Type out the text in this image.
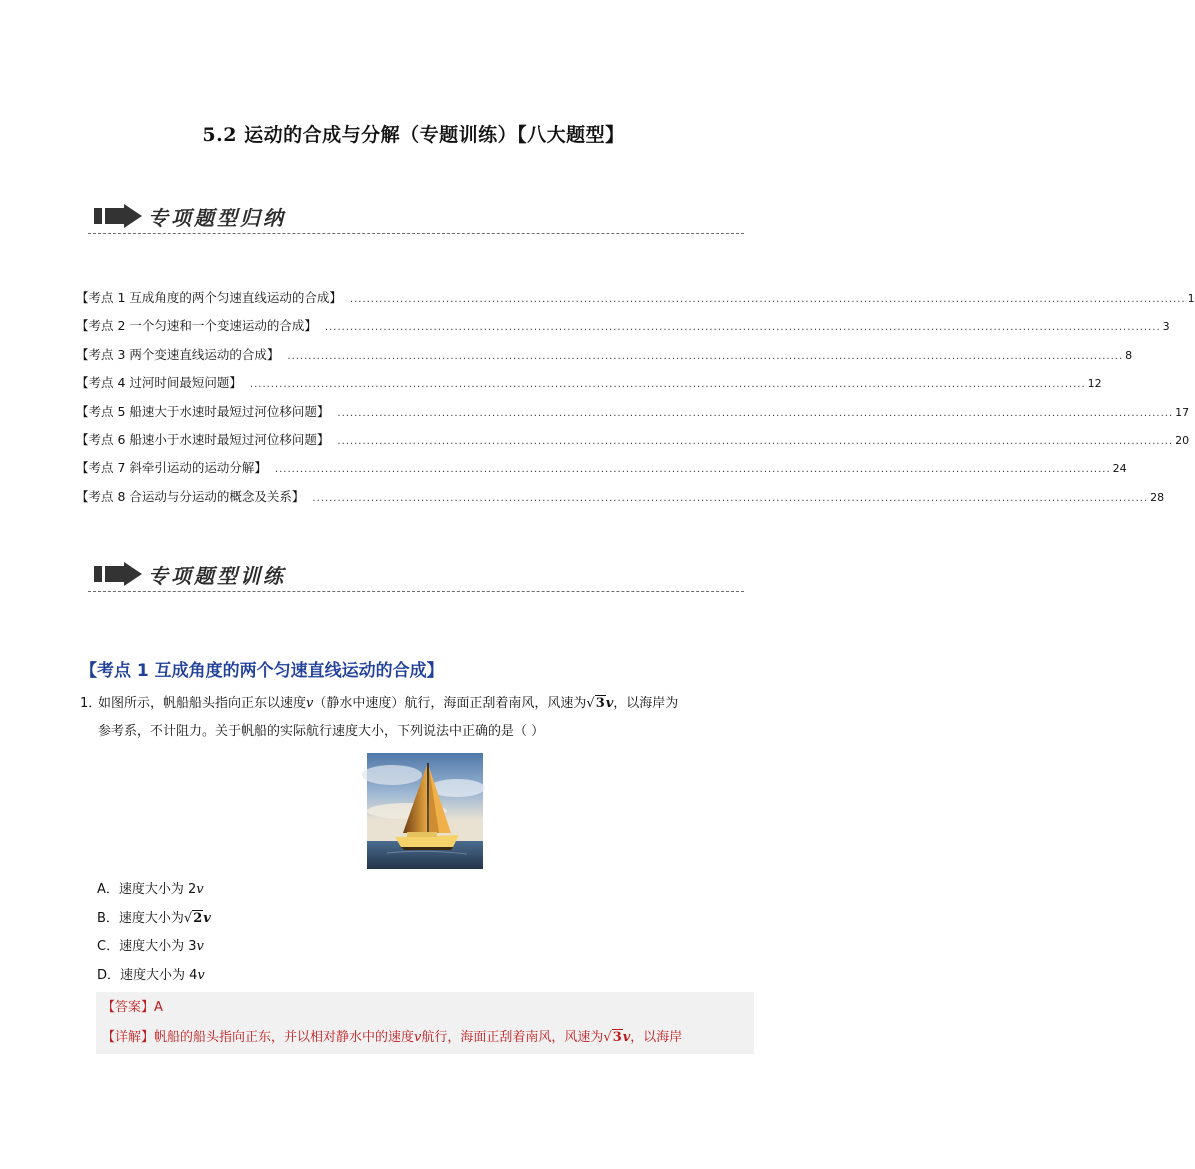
5.2 运动的合成与分解（专题训练）【八大题型】
专项题型归纳
【考点 1 互成角度的两个匀速直线运动的合成】 ........................................................................................................................................................................................................ 1
【考点 2 一个匀速和一个变速运动的合成】 ........................................................................................................................................................................................................ 3
【考点 3 两个变速直线运动的合成】 ........................................................................................................................................................................................................ 8
【考点 4 过河时间最短问题】 ........................................................................................................................................................................................................ 12
【考点 5 船速大于水速时最短过河位移问题】 ........................................................................................................................................................................................................ 17
【考点 6 船速小于水速时最短过河位移问题】 ........................................................................................................................................................................................................ 20
【考点 7 斜牵引运动的运动分解】 ........................................................................................................................................................................................................ 24
【考点 8 合运动与分运动的概念及关系】 ........................................................................................................................................................................................................ 28
专项题型训练
【考点 1 互成角度的两个匀速直线运动的合成】
1．如图所示，帆船船头指向正东以速度v（静水中速度）航行，海面正刮着南风，风速为√3v，以海岸为
参考系，不计阻力。关于帆船的实际航行速度大小，下列说法中正确的是（ ）
A．速度大小为 2v
B．速度大小为√2v
C．速度大小为 3v
D．速度大小为 4v
【答案】A
【详解】帆船的船头指向正东，并以相对静水中的速度v航行，海面正刮着南风，风速为√3v，以海岸
